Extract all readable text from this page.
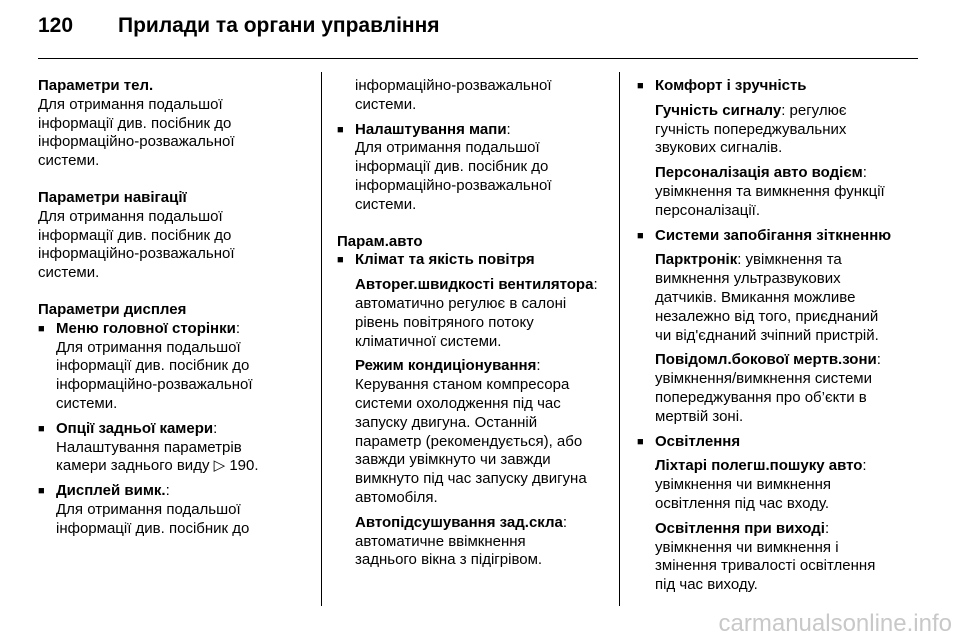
120 Прилади та органи управління
Параметри тел.
Для отримання подальшої
інформації див. посібник до
інформаційно-розважальної
системи.
Параметри навігації
Для отримання подальшої
інформації див. посібник до
інформаційно-розважальної
системи.
Параметри дисплея
■ Меню головної сторінки:
Для отримання подальшої
інформації див. посібник до
інформаційно-розважальної
системи.
■ Опції задньої камери:
Налаштування параметрів
камери заднього виду ▷ 190.
■ Дисплей вимк.:
Для отримання подальшої
інформації див. посібник до
інформаційно-розважальної
системи.
■ Налаштування мапи:
Для отримання подальшої
інформації див. посібник до
інформаційно-розважальної
системи.
Парам.авто
■ Клімат та якість повітря
Авторег.швидкості вентилятора:
автоматично регулює в салоні
рівень повітряного потоку
кліматичної системи.
Режим кондиціонування:
Керування станом компресора
системи охолодження під час
запуску двигуна. Останній
параметр (рекомендується), або
завжди увімкнуто чи завжди
вимкнуто під час запуску двигуна
автомобіля.
Автопідсушування зад.скла:
автоматичне ввімкнення
заднього вікна з підігрівом.
■ Комфорт і зручність
Гучність сигналу: регулює
гучність попереджувальних
звукових сигналів.
Персоналізація авто водієм:
увімкнення та вимкнення функції
персоналізації.
■ Системи запобігання зіткненню
Парктронік: увімкнення та
вимкнення ультразвукових
датчиків. Вмикання можливе
незалежно від того, приєднаний
чи від'єднаний зчіпний пристрій.
Повідомл.бокової мертв.зони:
увімкнення/вимкнення системи
попереджування про об’єкти в
мертвій зоні.
■ Освітлення
Ліхтарі полегш.пошуку авто:
увімкнення чи вимкнення
освітлення під час входу.
Освітлення при виході:
увімкнення чи вимкнення і
змінення тривалості освітлення
під час виходу.
carmanualsonline.info
